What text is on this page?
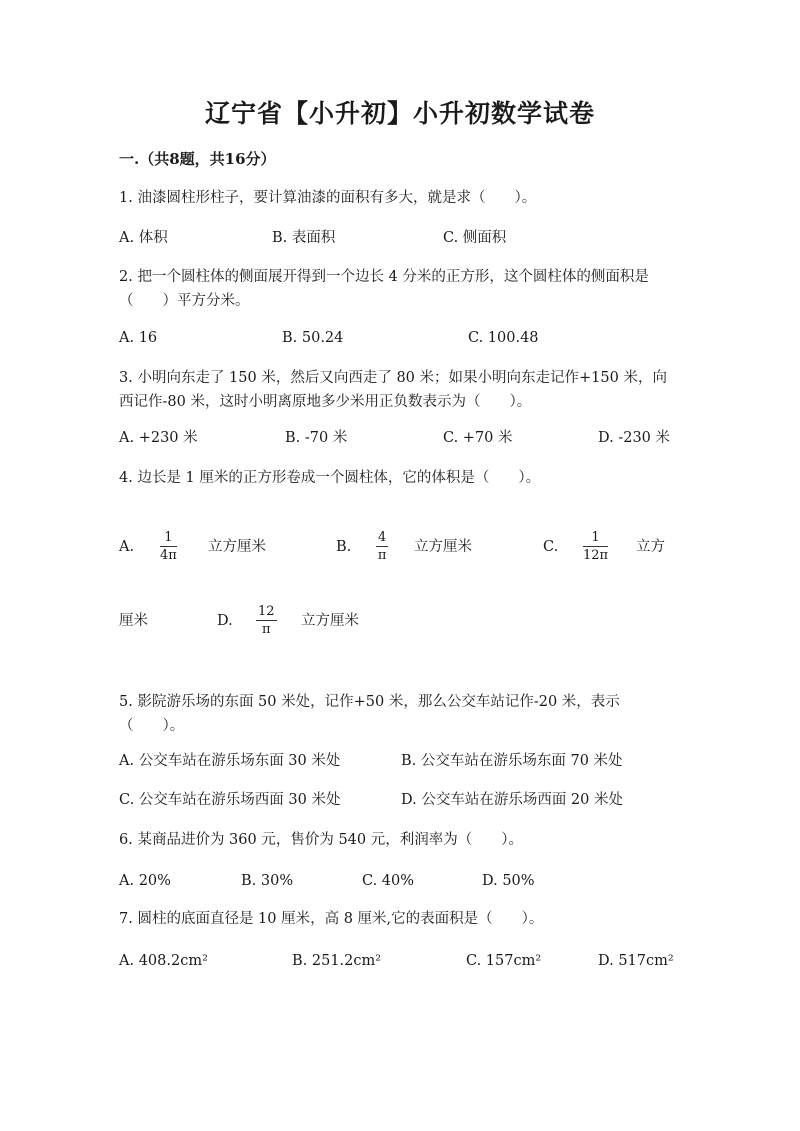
辽宁省【小升初】小升初数学试卷
一.（共8题，共16分）
1. 油漆圆柱形柱子，要计算油漆的面积有多大，就是求（　　）。
A. 体积	B. 表面积	C. 侧面积
2. 把一个圆柱体的侧面展开得到一个边长 4 分米的正方形，这个圆柱体的侧面积是（　　）平方分米。
A. 16	B. 50.24	C. 100.48
3. 小明向东走了 150 米，然后又向西走了 80 米；如果小明向东走记作+150 米，向西记作-80 米，这时小明离原地多少米用正负数表示为（　　）。
A. +230 米	B. -70 米	C. +70 米	D. -230 米
4. 边长是 1 厘米的正方形卷成一个圆柱体，它的体积是（　　）。
A.
1
4π
立方厘米	B.
4
π
立方厘米	C.
1
12π
立方
厘米	D.
12
π
立方厘米
5. 影院游乐场的东面 50 米处，记作+50 米，那么公交车站记作-20 米，表示（　　）。
A. 公交车站在游乐场东面 30 米处	B. 公交车站在游乐场东面 70 米处
C. 公交车站在游乐场西面 30 米处	D. 公交车站在游乐场西面 20 米处
6. 某商品进价为 360 元，售价为 540 元，利润率为（　　）。
A. 20%	B. 30%	C. 40%	D. 50%
7. 圆柱的底面直径是 10 厘米，高 8 厘米,它的表面积是（　　）。
A. 408.2cm²	B. 251.2cm²	C. 157cm²	D. 517cm²
